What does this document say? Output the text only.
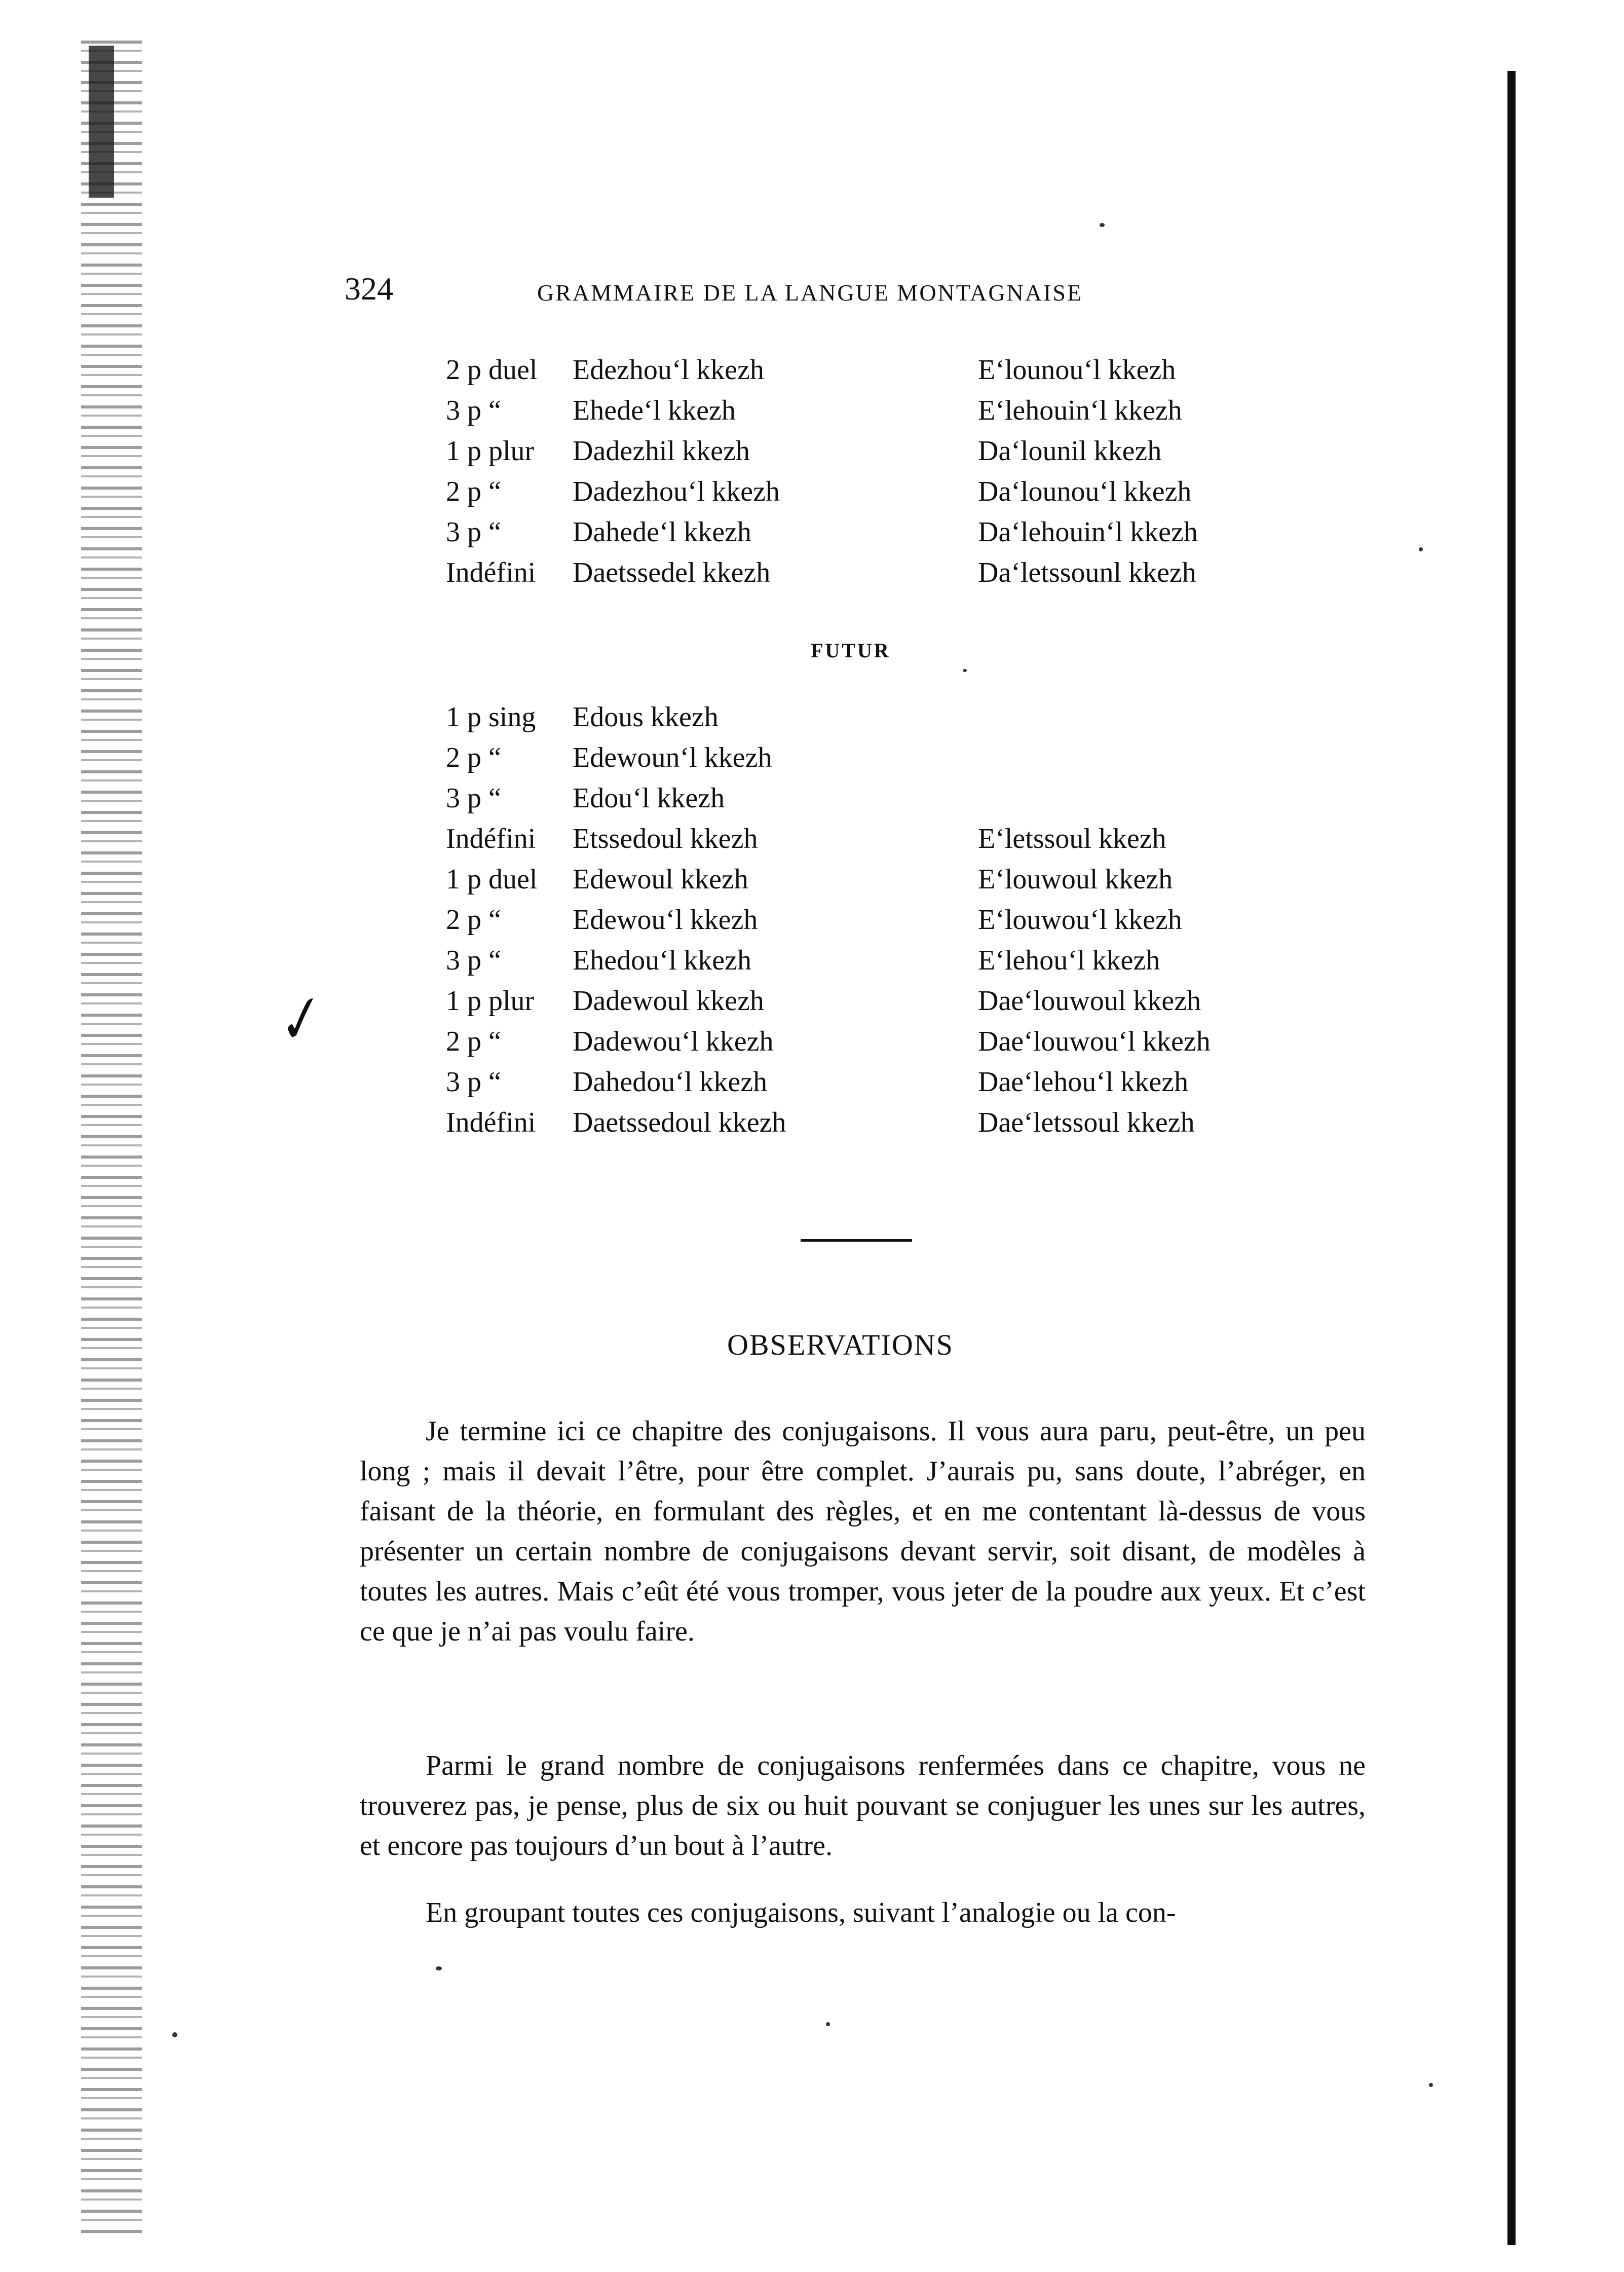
324	GRAMMAIRE DE LA LANGUE MONTAGNAISE
2 p duel	Edezhou‘l kkezh	E‘lounou‘l kkezh
3 p “	Ehede‘l kkezh	E‘lehouin‘l kkezh
1 p plur	Dadezhil kkezh	Da‘lounil kkezh
2 p “	Dadezhou‘l kkezh	Da‘lounou‘l kkezh
3 p “	Dahede‘l kkezh	Da‘lehouin‘l kkezh
Indéfini	Daetssedel kkezh	Da‘letssounl kkezh
FUTUR
1 p sing	Edous kkezh
2 p “	Edewoun‘l kkezh
3 p “	Edou‘l kkezh
Indéfini	Etssedoul kkezh	E‘letssoul kkezh
1 p duel	Edewoul kkezh	E‘louwoul kkezh
2 p “	Edewou‘l kkezh	E‘louwou‘l kkezh
3 p “	Ehedou‘l kkezh	E‘lehou‘l kkezh
1 p plur	Dadewoul kkezh	Dae‘louwoul kkezh
2 p “	Dadewou‘l kkezh	Dae‘louwou‘l kkezh
3 p “	Dahedou‘l kkezh	Dae‘lehou‘l kkezh
Indéfini	Daetssedoul kkezh	Dae‘letssoul kkezh
✓
OBSERVATIONS

Je termine ici ce chapitre des conjugaisons. Il vous aura paru, peut-être, un peu long ; mais il devait l’être, pour être complet. J’aurais pu, sans doute, l’abréger, en faisant de la théorie, en formulant des règles, et en me contentant là-dessus de vous présenter un certain nombre de conjugaisons devant servir, soit disant, de modèles à toutes les autres. Mais c’eût été vous tromper, vous jeter de la poudre aux yeux. Et c’est ce que je n’ai pas voulu faire.

Parmi le grand nombre de conjugaisons renfermées dans ce chapitre, vous ne trouverez pas, je pense, plus de six ou huit pouvant se conjuguer les unes sur les autres, et encore pas toujours d’un bout à l’autre.

En groupant toutes ces conjugaisons, suivant l’analogie ou la con-
